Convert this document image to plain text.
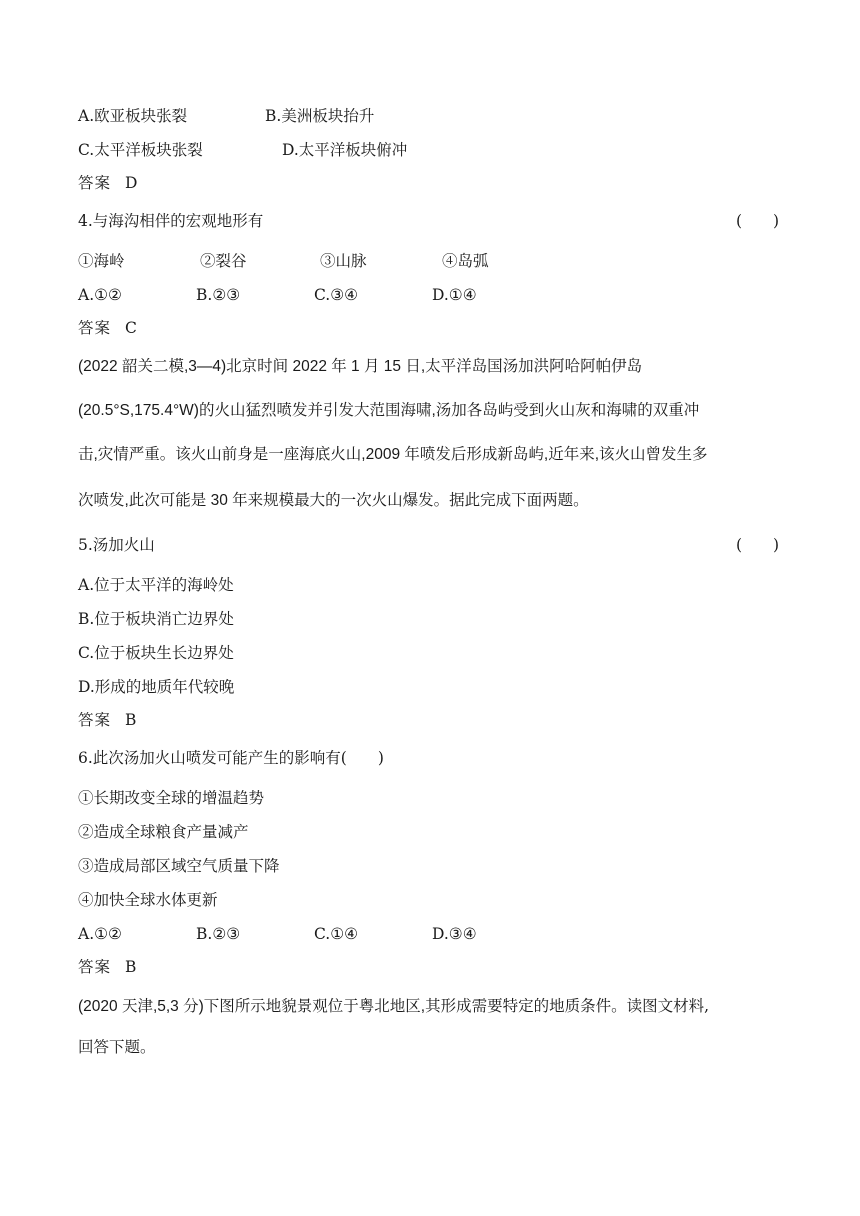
A.欧亚板块张裂	B.美洲板块抬升
C.太平洋板块张裂	D.太平洋板块俯冲
答案 D
4.与海沟相伴的宏观地形有	(　　)
①海岭	②裂谷	③山脉	④岛弧
A.①②	B.②③	C.③④	D.①④
答案 C
(2022 韶关二模,3—4)北京时间 2022 年 1 月 15 日,太平洋岛国汤加洪阿哈阿帕伊岛
(20.5°S,175.4°W)的火山猛烈喷发并引发大范围海啸,汤加各岛屿受到火山灰和海啸的双重冲
击,灾情严重。该火山前身是一座海底火山,2009 年喷发后形成新岛屿,近年来,该火山曾发生多
次喷发,此次可能是 30 年来规模最大的一次火山爆发。据此完成下面两题。
5.汤加火山	(　　)
A.位于太平洋的海岭处
B.位于板块消亡边界处
C.位于板块生长边界处
D.形成的地质年代较晚
答案 B
6.此次汤加火山喷发可能产生的影响有(　　)
①长期改变全球的增温趋势
②造成全球粮食产量减产
③造成局部区域空气质量下降
④加快全球水体更新
A.①②	B.②③	C.①④	D.③④
答案 B
(2020 天津,5,3 分)下图所示地貌景观位于粤北地区,其形成需要特定的地质条件。读图文材料,
回答下题。
